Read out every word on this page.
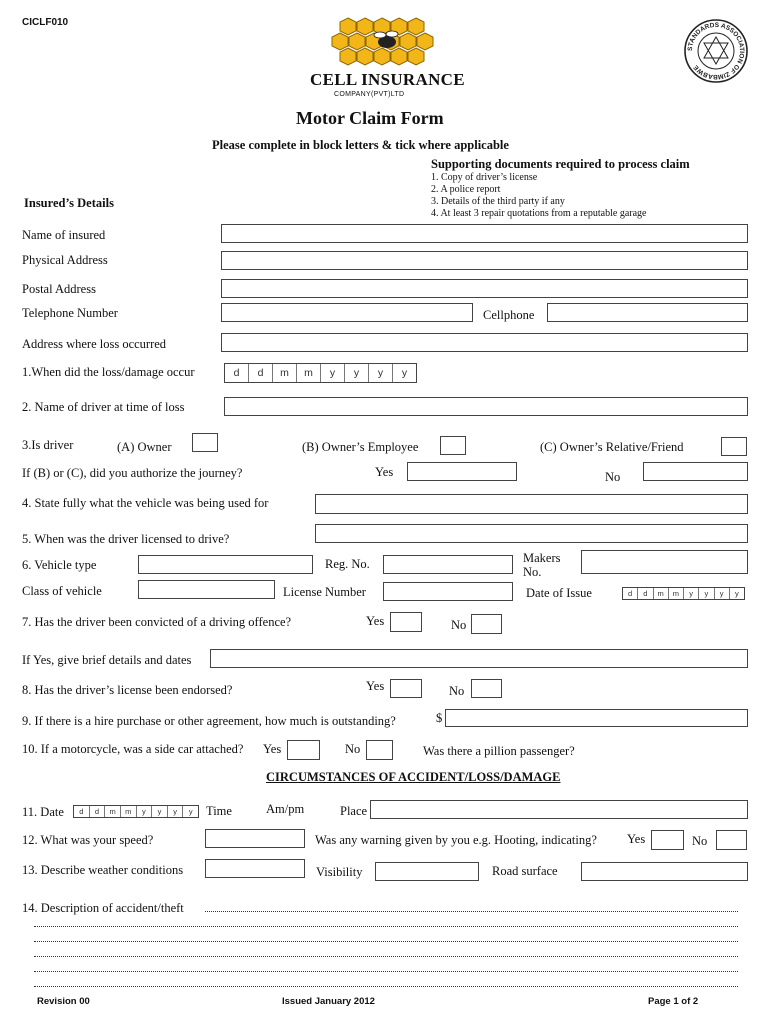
CICLF010
CELL INSURANCE
COMPANY(PVT)LTD
STANDARDS ASSOCIATION OF ZIMBABWE
Motor Claim Form
Please complete in block letters & tick where applicable
Supporting documents required to process claim
1. Copy of driver’s license
2. A police report
3. Details of the third party if any
4. At least 3 repair quotations from a reputable garage
Insured’s Details
Name of insured
Physical Address
Postal Address
Telephone Number	Cellphone
Address where loss occurred
1.When did the loss/damage occur	d	d	m	m	y	y	y	y
2. Name of driver at time of loss
3.Is driver	(A) Owner	(B) Owner’s Employee	(C) Owner’s Relative/Friend
If (B) or (C), did you authorize the journey?	Yes	No
4. State fully what the vehicle was being used for
5. When was the driver licensed to drive?
6. Vehicle type	Reg. No.	Makers
No.
Class of vehicle	License Number	Date of Issue	d	d	m	m	y	y	y	y
7. Has the driver been convicted of a driving offence?	Yes	No
If Yes, give brief details and dates
8. Has the driver’s license been endorsed?	Yes	No
9. If there is a hire purchase or other agreement, how much is outstanding?	$
10. If a motorcycle, was a side car attached? Yes	No	Was there a pillion passenger?
CIRCUMSTANCES OF ACCIDENT/LOSS/DAMAGE
11. Date	d	d	m	m	y	y	y	y	Time	Am/pm	Place
12. What was your speed?	Was any warning given by you e.g. Hooting, indicating? Yes	No
13. Describe weather conditions	Visibility	Road surface
14. Description of accident/theft
Revision 00	Issued January 2012	Page 1 of 2
